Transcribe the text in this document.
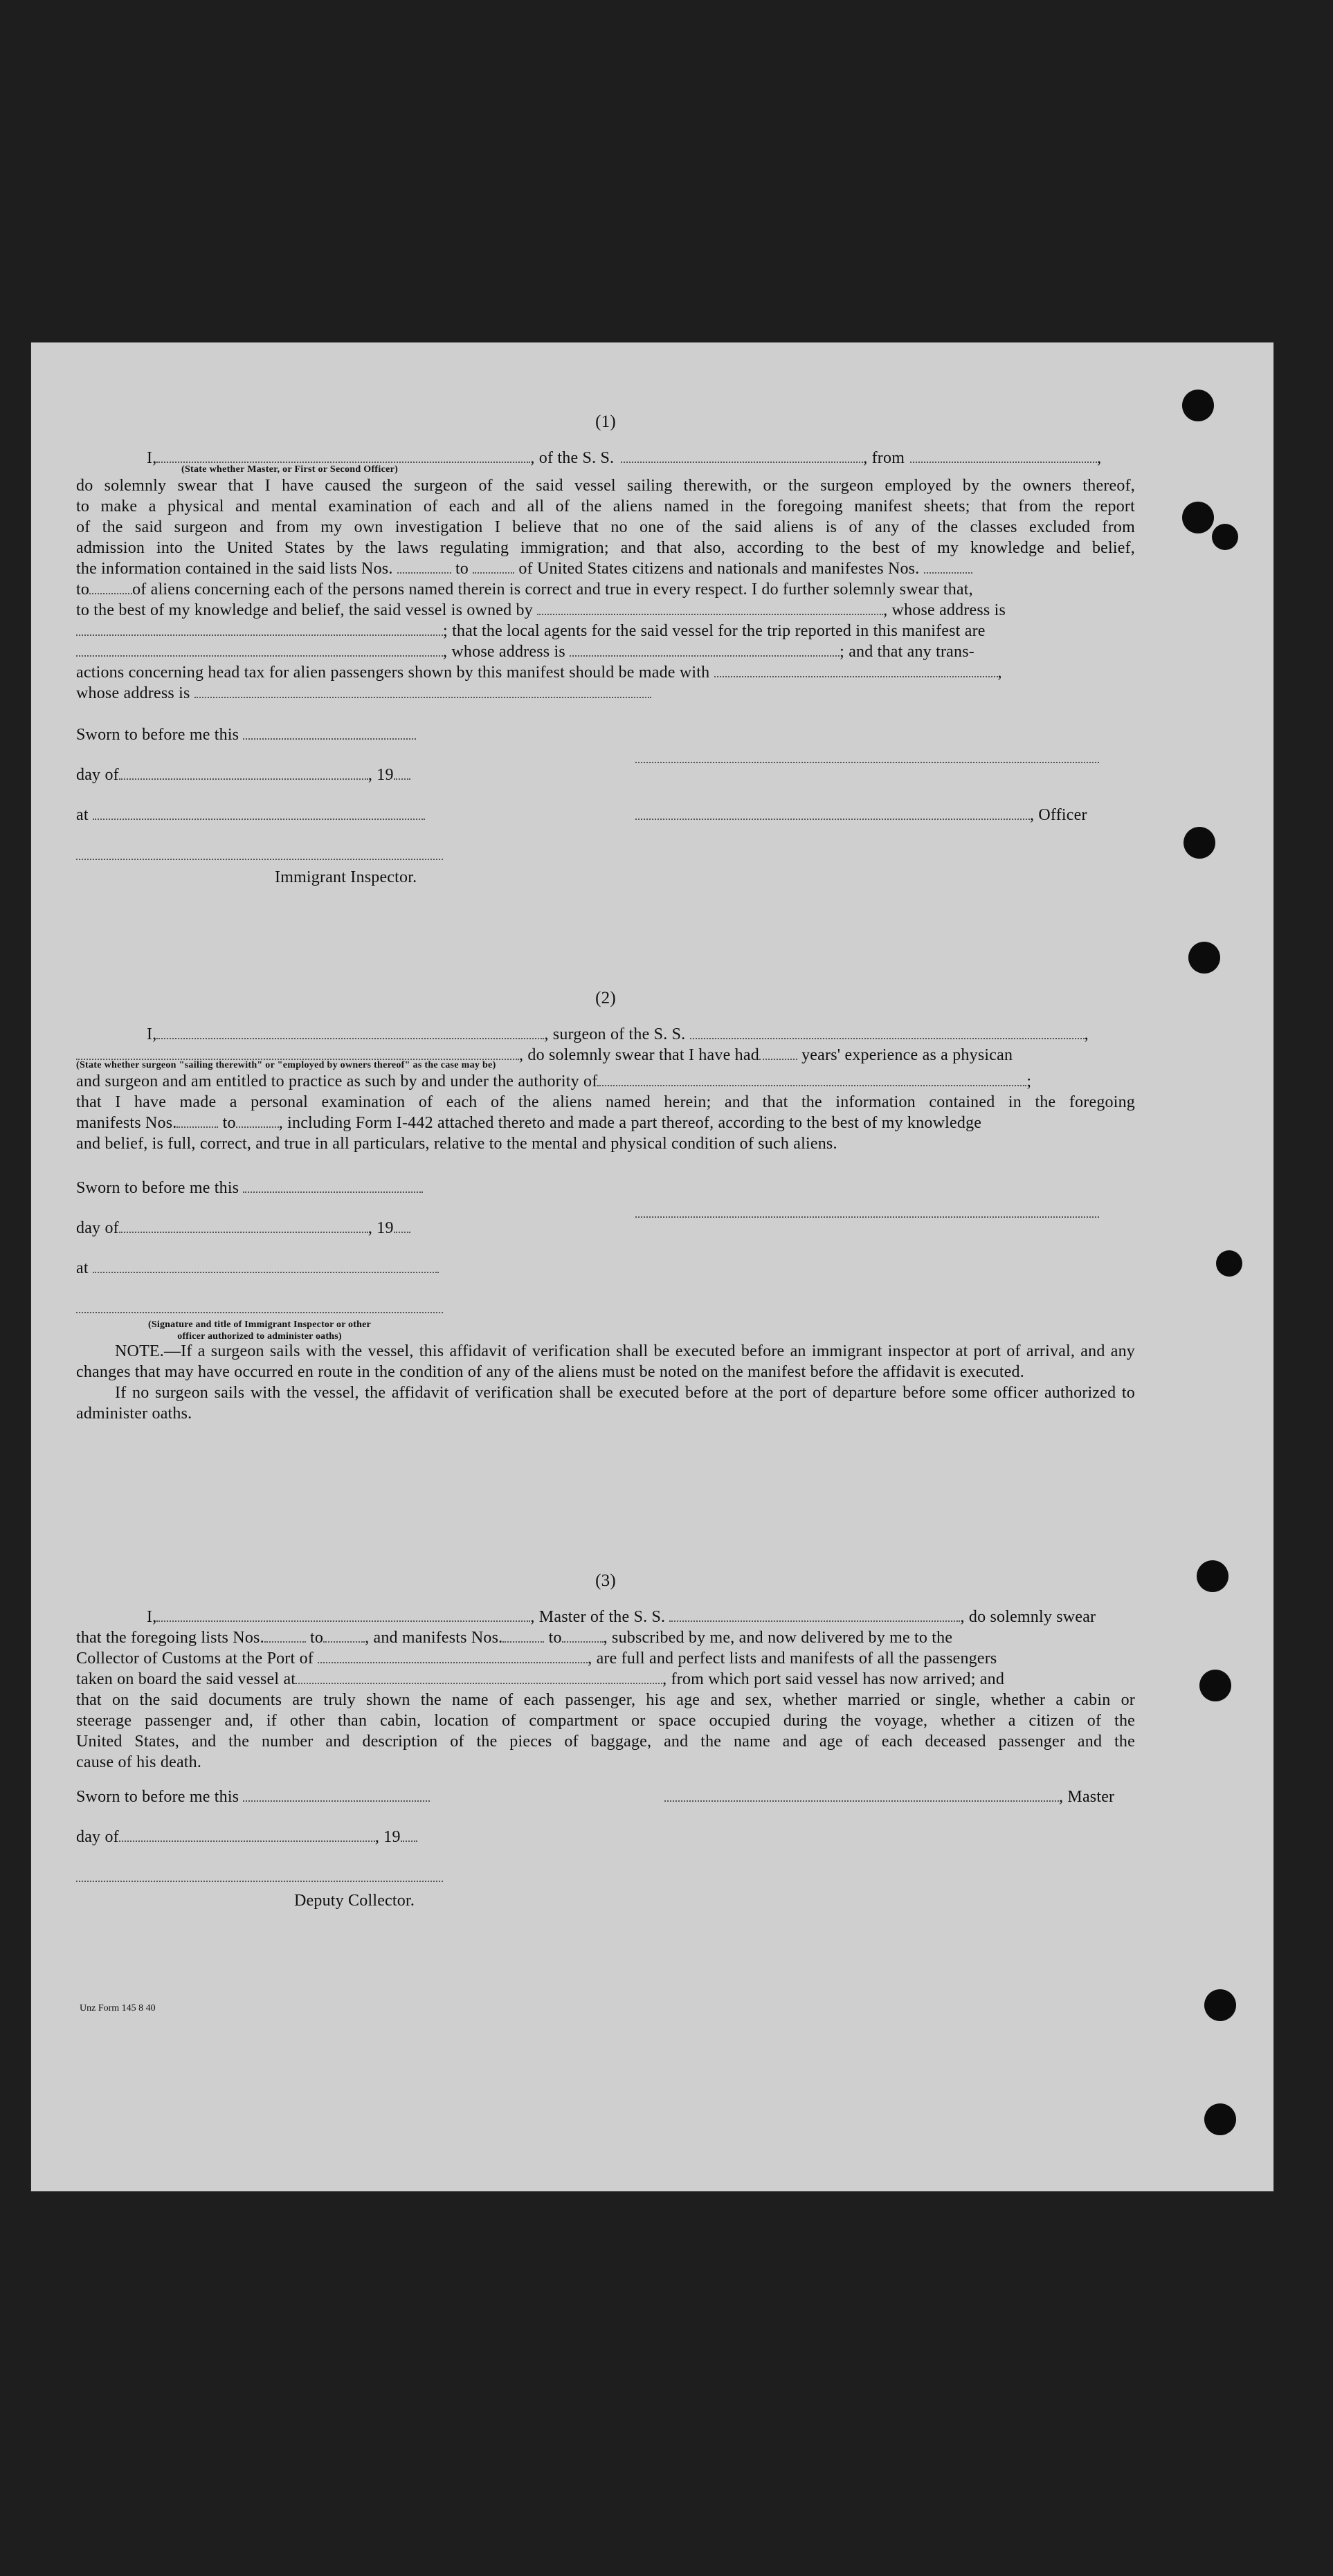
(1)
I,	, of the S. S.	, from	,
(State whether Master, or First or Second Officer)
do solemnly swear that I have caused the surgeon of the said vessel sailing therewith, or the surgeon employed by the owners thereof,
to make a physical and mental examination of each and all of the aliens named in the foregoing manifest sheets; that from the report
of the said surgeon and from my own investigation I believe that no one of the said aliens is of any of the classes excluded from
admission into the United States by the laws regulating immigration; and that also, according to the best of my knowledge and belief,
the information contained in the said lists Nos.	to	of United States citizens and nationals and manifestes Nos.
to	of aliens concerning each of the persons named therein is correct and true in every respect. I do further solemnly swear that,
to the best of my knowledge and belief, the said vessel is owned by	, whose address is
; that the local agents for the said vessel for the trip reported in this manifest are
, whose address is	; and that any trans-
actions concerning head tax for alien passengers shown by this manifest should be made with	,
whose address is
Sworn to before me this
day of	, 19
at	, Officer
Immigrant Inspector.
(2)
I,	, surgeon of the S. S.	,
, do solemnly swear that I have had	years' experience as a physican
(State whether surgeon "sailing therewith" or "employed by owners thereof" as the case may be)
and surgeon and am entitled to practice as such by and under the authority of	;
that I have made a personal examination of each of the aliens named herein; and that the information contained in the foregoing
manifests Nos.	to	, including Form I-442 attached thereto and made a part thereof, according to the best of my knowledge
and belief, is full, correct, and true in all particulars, relative to the mental and physical condition of such aliens.
Sworn to before me this
day of	, 19
at
(Signature and title of Immigrant Inspector or other
officer authorized to administer oaths)

NOTE.—If a surgeon sails with the vessel, this affidavit of verification shall be executed before an immigrant inspector at port of arrival, and any changes that may have occurred en route in the condition of any of the aliens must be noted on the manifest before the affidavit is executed.

If no surgeon sails with the vessel, the affidavit of verification shall be executed before at the port of departure before some officer authorized to administer oaths.

(3)
I,	, Master of the S. S.	, do solemnly swear
that the foregoing lists Nos.	to	, and manifests Nos.	to	, subscribed by me, and now delivered by me to the
Collector of Customs at the Port of	, are full and perfect lists and manifests of all the passengers
taken on board the said vessel at	, from which port said vessel has now arrived; and
that on the said documents are truly shown the name of each passenger, his age and sex, whether married or single, whether a cabin or
steerage passenger and, if other than cabin, location of compartment or space occupied during the voyage, whether a citizen of the
United States, and the number and description of the pieces of baggage, and the name and age of each deceased passenger and the
cause of his death.
Sworn to before me this	, Master
day of	, 19
Deputy Collector.
Unz Form 145 8 40
